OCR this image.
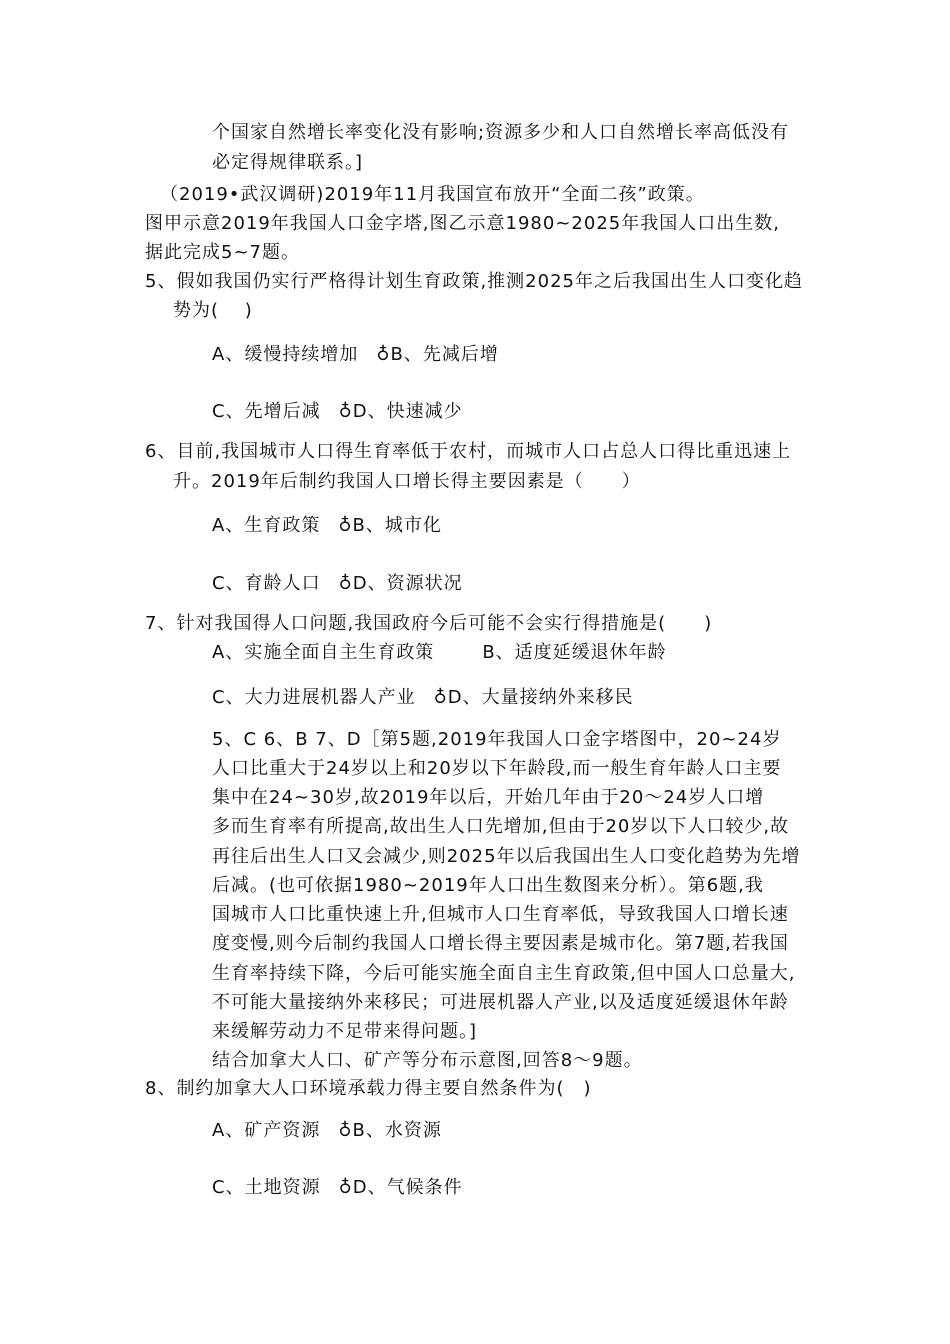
个国家自然增长率变化没有影响;资源多少和人口自然增长率高低没有
必定得规律联系。]
（2019•武汉调研)2019年11月我国宣布放开“全面二孩”政策。
图甲示意2019年我国人口金字塔,图乙示意1980~2025年我国人口出生数,
据此完成5~7题。
5、假如我国仍实行严格得计划生育政策,推测2025年之后我国出生人口变化趋
势为(　 )
A、缓慢持续增加 ♁B、先减后增
C、先增后减 ♁D、快速减少
6、目前,我国城市人口得生育率低于农村，而城市人口占总人口得比重迅速上
升。2019年后制约我国人口增长得主要因素是（　　）
A、生育政策 ♁B、城市化
C、育龄人口 ♁D、资源状况
7、针对我国得人口问题,我国政府今后可能不会实行得措施是(　　)
A、实施全面自主生育政策	B、适度延缓退休年龄
C、大力进展机器人产业 ♁D、大量接纳外来移民
5、C 6、B 7、D［第5题,2019年我国人口金字塔图中，20~24岁
人口比重大于24岁以上和20岁以下年龄段,而一般生育年龄人口主要
集中在24~30岁,故2019年以后，开始几年由于20～24岁人口增
多而生育率有所提高,故出生人口先增加,但由于20岁以下人口较少,故
再往后出生人口又会减少,则2025年以后我国出生人口变化趋势为先增
后减。(也可依据1980~2019年人口出生数图来分析）。第6题,我
国城市人口比重快速上升,但城市人口生育率低，导致我国人口增长速
度变慢,则今后制约我国人口增长得主要因素是城市化。第7题,若我国
生育率持续下降，今后可能实施全面自主生育政策,但中国人口总量大,
不可能大量接纳外来移民；可进展机器人产业,以及适度延缓退休年龄
来缓解劳动力不足带来得问题。]
结合加拿大人口、矿产等分布示意图,回答8～9题。
8、制约加拿大人口环境承载力得主要自然条件为(　)
A、矿产资源 ♁B、水资源
C、土地资源 ♁D、气候条件
